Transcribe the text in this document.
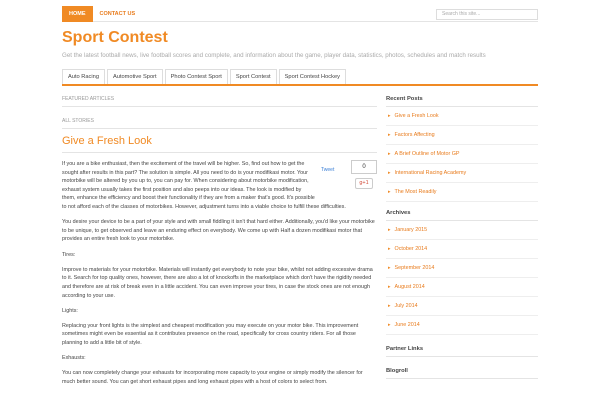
HOME	CONTACT US	Search this site...
Sport Contest
Get the latest football news, live football scores and complete, and information about the game, player data, statistics, photos, schedules and match results
Auto Racing	Automotive Sport	Photo Contest Sport	Sport Contest	Sport Contest Hockey
FEATURED ARTICLES
ALL STORIES
Give a Fresh Look
Tweet	0
g+1

If you are a bike enthusiast, then the excitement of the travel will be higher. So, find out how to get the sought after results in this part? The solution is simple. All you need to do is your modifikasi motor. Your motorbike will be altered by you up to, you can pay for. When considering about motorbike modification, exhaust system usually takes the first position and also peeps into our ideas. The look is modified by them, enhance the efficiency and boost their functionality if they are from a maker that's good. It's possible to not afford each of the classes of motorbikes. However, adjustment turns into a viable choice to fulfill these difficulties.

You desire your device to be a part of your style and with small fiddling it isn't that hard either. Additionally, you'd like your motorbike to be unique, to get observed and leave an enduring effect on everybody. We come up with Half a dozen modifikasi motor that provides an entire fresh look to your motorbike.

Tires:

Improve to materials for your motorbike. Materials will instantly get everybody to note your bike, whilst not adding excessive drama to it. Search for top quality ones, however, there are also a lot of knockoffs in the marketplace which don't have the rigidity needed and therefore are at risk of break even in a little accident. You can even improve your tires, in case the stock ones are not enough according to your use.

Lights:

Replacing your front lights is the simplest and cheapest modification you may execute on your motor bike. This improvement sometimes might even be essential as it contributes presence on the road, specifically for cross country riders. For all those planning to add a little bit of style.

Exhausts:

You can now completely change your exhausts for incorporating more capacity to your engine or simply modify the silencer for much better sound. You can get short exhaust pipes and long exhaust pipes with a host of colors to select from.

Recent Posts
▸ Give a Fresh Look
▸ Factors Affecting
▸ A Brief Outline of Motor GP
▸ International Racing Academy
▸ The Most Readily
Archives
▸ January 2015
▸ October 2014
▸ September 2014
▸ August 2014
▸ July 2014
▸ June 2014
Partner Links
Blogroll
